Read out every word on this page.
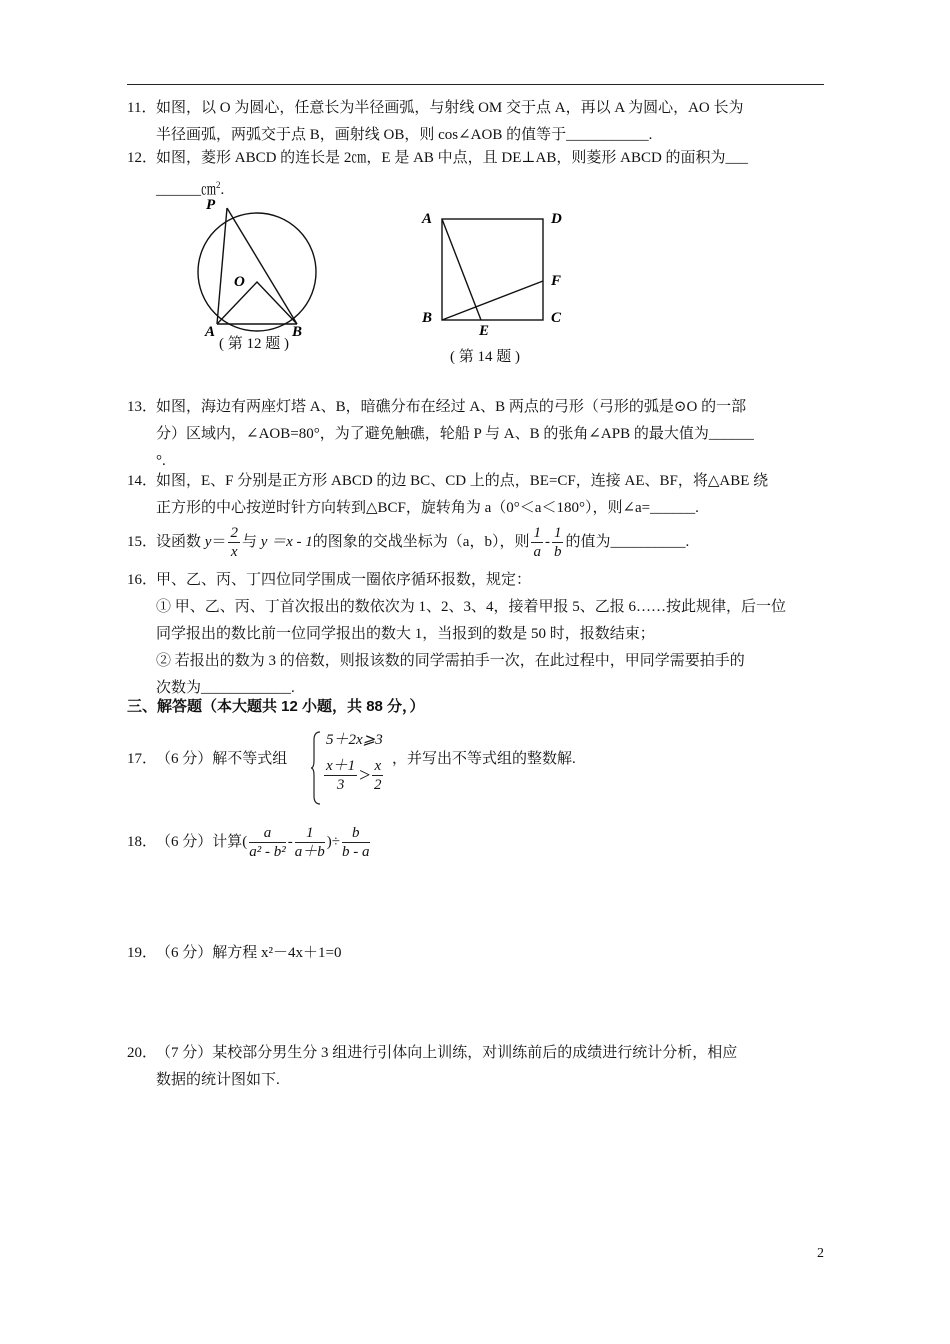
11．如图，以 O 为圆心，任意长为半径画弧，与射线 OM 交于点 A，再以 A 为圆心，AO 长为
半径画弧，两弧交于点 B，画射线 OB，则 cos∠AOB 的值等于___________.
12．如图，菱形 ABCD 的连长是 2㎝，E 是 AB 中点，且 DE⊥AB，则菱形 ABCD 的面积为___
______㎝$^2$.
P
O
A	B
( 第 12 题 )
A	D
F
B
E
C
( 第 14 题 )
13．如图，海边有两座灯塔 A、B，暗礁分布在经过 A、B 两点的弓形（弓形的弧是⊙O 的一部
分）区域内，∠AOB=80°，为了避免触礁，轮船 P 与 A、B 的张角∠APB 的最大值为______
°.
14．如图，E、F 分别是正方形 ABCD 的边 BC、CD 上的点，BE=CF，连接 AE、BF，将△ABE 绕
正方形的中心按逆时针方向转到△BCF，旋转角为 a（0°＜a＜180°），则∠a=______.
15．设函数 $y= \frac{2}{x}$ 与 y ＝x - 1的图象的交战坐标为（a，b），则 $\frac{1}{a} - \frac{1}{b}$ 的值为__________.
16．甲、乙、丙、丁四位同学围成一圈依序循环报数，规定：
① 甲、乙、丙、丁首次报出的数依次为 1、2、3、4，接着甲报 5、乙报 6……按此规律，后一位
同学报出的数比前一位同学报出的数大 1，当报到的数是 50 时，报数结束；
② 若报出的数为 3 的倍数，则报该数的同学需拍手一次，在此过程中，甲同学需要拍手的
次数为____________.
三、解答题（本大题共 12 小题，共 88 分，）
17．（6 分）解不等式组
5＋2x⩾3
$\frac{x+1}{3} > \frac{x}{2}$ ，并写出不等式组的整数解.
18．（6 分）计算( $\frac{a}{\text{a² - b²}} - \frac{1}{a+b}$ )÷ $\frac{b}{b - a}$
19．（6 分）解方程 x²－4x＋1=0
20．（7 分）某校部分男生分 3 组进行引体向上训练，对训练前后的成绩进行统计分析，相应
数据的统计图如下.
2
